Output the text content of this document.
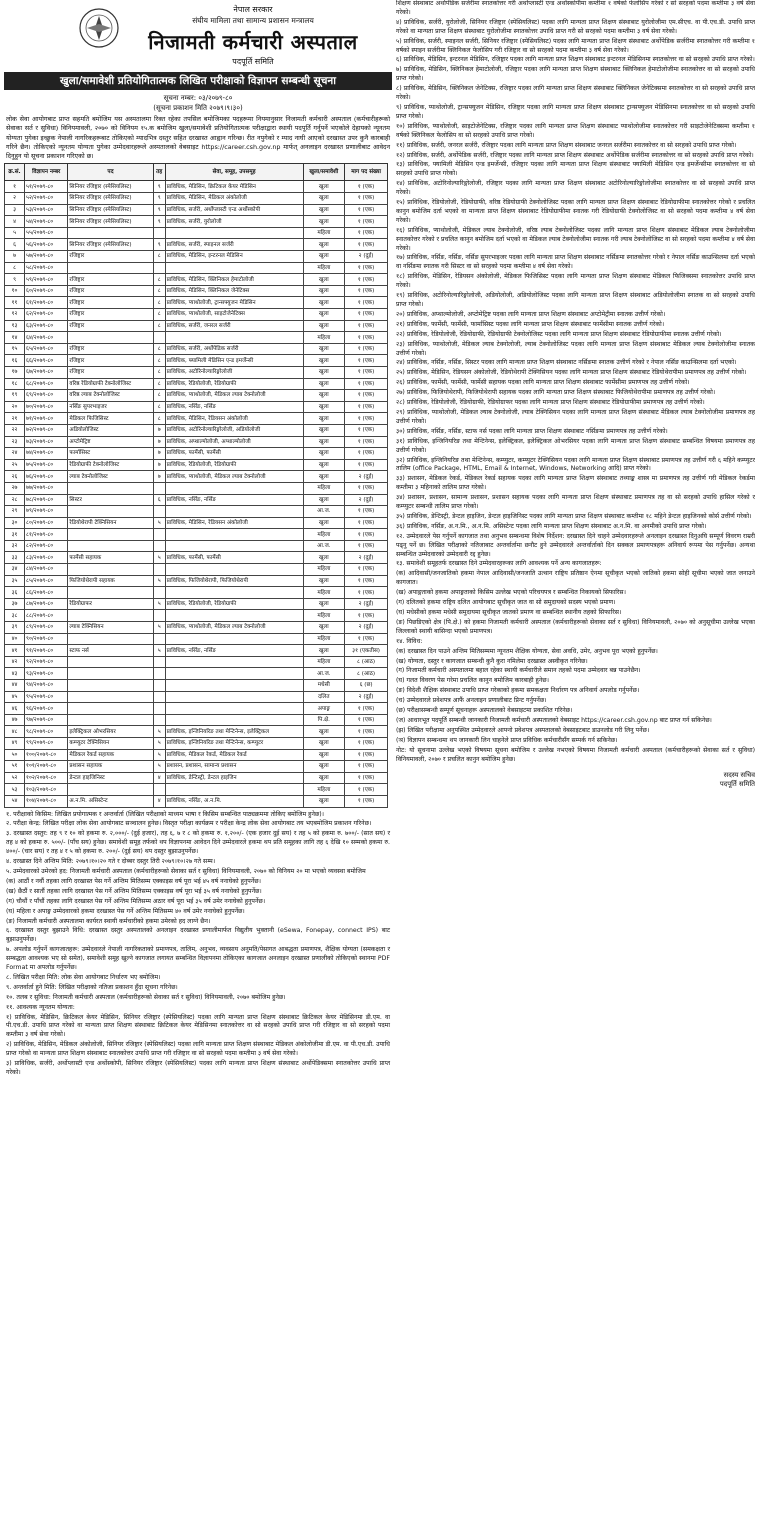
नेपाल सरकार

संघीय मामिला तथा सामान्य प्रशासन मन्त्रालय

निजामती कर्मचारी अस्पताल

पदपूर्ति समिति

खुला/समावेशी प्रतियोगितात्मक लिखित परीक्षाको विज्ञापन सम्बन्धी सूचना

सूचना नम्बर: ०३/२०७९-८०

(सूचना प्रकाशन मिति २०७९।९।३०)

लोक सेवा आयोगबाट प्राप्त सहमति बमोजिम यस अस्पतालमा रिक्त रहेका तपसिल बमोजिमका पदहरूमा नियमानुसार निजामती कर्मचारी अस्पताल (कर्मचारीहरूको सेवाका सर्त र सुविधा) विनियमावली, २०७० को विनियम १५.क बमोजिम खुला/समावेशी प्रतियोगितात्मक परीक्षाद्वारा स्थायी पदपूर्ति गर्नुपर्ने भएकोले देहायको न्यूनतम योग्यता पुगेका इच्छुक नेपाली नागरिकहरूबाट तोकिएको म्यादभित्र दस्तुर सहित दरखास्त आह्वान गरिन्छ। रीत नपुगेको र म्याद नाघी आएको दरखास्त उपर कुनै कारबाही गरिने छैन। तोकिएको न्यूनतम योग्यता पुगेका उम्मेदवारहरूले अस्पतालको वेबसाइट https://career.csh.gov.np मार्फत् अनलाइन दरखास्त प्रणालीबाट आवेदन दिनुहुन यो सूचना प्रकाशन गरिएको छ।

क्र.सं.	विज्ञापन नम्बर	पद	तह	सेवा, समूह, उपसमूह	खुला/समावेशी	माग पद संख्या
१	५१/२०७९-८०	सिनियर रजिष्ट्रार (स्पेसियलिस्ट)	९	प्राविधिक, मेडिसिन, क्रिटिकल केयर मेडिसिन	खुला	१ (एक)
२	५२/२०७९-८०	सिनियर रजिष्ट्रार (स्पेसियलिस्ट)	९	प्राविधिक, मेडिसिन, मेडिकल अंकोलोजी	खुला	१ (एक)
३	५३/२०७९-८०	सिनियर रजिष्ट्रार (स्पेसियलिस्ट)	९	प्राविधिक, सर्जरी, अर्थोप्लास्टी एन्ड अर्थोस्कोपी	खुला	१ (एक)
४	५४/२०७९-८०	सिनियर रजिष्ट्रार (स्पेसियलिस्ट)	९	प्राविधिक, सर्जरी, युरोलोजी	खुला	१ (एक)
५	५५/२०७९-८०				महिला	१ (एक)
६	५६/२०७९-८०	सिनियर रजिष्ट्रार (स्पेसियलिस्ट)	९	प्राविधिक, सर्जरी, स्पाइनल सर्जरी	खुला	१ (एक)
७	५७/२०७९-८०	रजिष्ट्रार	८	प्राविधिक, मेडिसिन, इन्टरनल मेडिसिन	खुला	२ (दुई)
८	५८/२०७९-८०				महिला	१ (एक)
९	५९/२०७९-८०	रजिष्ट्रार	८	प्राविधिक, मेडिसिन, क्लिनिकल हेमाटोलोजी	खुला	१ (एक)
१०	६०/२०७९-८०	रजिष्ट्रार	८	प्राविधिक, मेडिसिन, क्लिनिकल जेनेटिक्स	खुला	१ (एक)
११	६१/२०७९-८०	रजिष्ट्रार	८	प्राविधिक, प्याथोलोजी, ट्रान्सफ्युजन मेडिसिन	खुला	१ (एक)
१२	६२/२०७९-८०	रजिष्ट्रार	८	प्राविधिक, प्याथोलोजी, साइटोजेनेटिक्स	खुला	१ (एक)
१३	६३/२०७९-८०	रजिष्ट्रार	८	प्राविधिक, सर्जरी, जनरल सर्जरी	खुला	१ (एक)
१४	६४/२०७९-८०				महिला	१ (एक)
१५	६५/२०७९-८०	रजिष्ट्रार	८	प्राविधिक, सर्जरी, अर्थोपेडिक सर्जरी	खुला	१ (एक)
१६	६६/२०७९-८०	रजिष्ट्रार	८	प्राविधिक, फ्यामिली मेडिसिन एन्ड इमर्जेन्सी	खुला	१ (एक)
१७	६७/२०७९-८०	रजिष्ट्रार	८	प्राविधिक, अटोरिनोल्यारिङ्गोलोजी	खुला	१ (एक)
१८	६८/२०७९-८०	वरिष्ठ रेडियोग्राफी टेक्नोलोजिस्ट	८	प्राविधिक, रेडियोलोजी, रेडियोग्राफी	खुला	१ (एक)
१९	६९/२०७९-८०	वरिष्ठ ल्याब टेक्नोलोजिस्ट	८	प्राविधिक, प्याथोलोजी, मेडिकल ल्याब टेक्नोलोजी	खुला	१ (एक)
२०	७०/२०७९-८०	नर्सिङ सुपरभाइजर	८	प्राविधिक, नर्सिङ, नर्सिङ	खुला	१ (एक)
२१	७१/२०७९-८०	मेडिकल फिजिसिस्ट	८	प्राविधिक, मेडिसिन, रेडियसन अंकोलोजी	खुला	१ (एक)
२२	७२/२०७९-८०	अडियोलोजिस्ट	७	प्राविधिक, अटोरिनोल्यारिङ्गोलोजी, अडियोलोजी	खुला	१ (एक)
२३	७३/२०७९-८०	अप्टोमेट्रिष्ट	७	प्राविधिक, अप्थाल्मोलोजी, अप्थाल्मोलोजी	खुला	१ (एक)
२४	७४/२०७९-८०	फार्मासिस्ट	७	प्राविधिक, फार्मेसी, फार्मेसी	खुला	१ (एक)
२५	७५/२०७९-८०	रेडियोग्राफी टेक्नोलोजिस्ट	७	प्राविधिक, रेडियोलोजी, रेडियोग्राफी	खुला	१ (एक)
२६	७६/२०७९-८०	ल्याब टेक्नोलोजिस्ट	७	प्राविधिक, प्याथोलोजी, मेडिकल ल्याब टेक्नोलोजी	खुला	२ (दुई)
२७	७७/२०७९-८०				महिला	१ (एक)
२८	७८/२०७९-८०	सिस्टर	६	प्राविधिक, नर्सिङ, नर्सिङ	खुला	२ (दुई)
२९	७९/२०७९-८०				आ.ज.	१ (एक)
३०	८०/२०७९-८०	रेडियोथेरापी टेक्निसियन	५	प्राविधिक, मेडिसिन, रेडियसन अंकोलोजी	खुला	१ (एक)
३१	८१/२०७९-८०				महिला	१ (एक)
३२	८२/२०७९-८०				आ.ज.	१ (एक)
३३	८३/२०७९-८०	फार्मेसी सहायक	५	प्राविधिक, फार्मेसी, फार्मेसी	खुला	२ (दुई)
३४	८४/२०७९-८०				महिला	१ (एक)
३५	८५/२०७९-८०	फिजियोथेरापी सहायक	५	प्राविधिक, फिजियोथेरापी, फिजियोथेरापी	खुला	१ (एक)
३६	८६/२०७९-८०				महिला	१ (एक)
३७	८७/२०७९-८०	रेडियोग्राफर	५	प्राविधिक, रेडियोलोजी, रेडियोग्राफी	खुला	२ (दुई)
३८	८८/२०७९-८०				महिला	१ (एक)
३९	८९/२०७९-८०	ल्याब टेक्निसियन	५	प्राविधिक, प्याथोलोजी, मेडिकल ल्याब टेक्नोलोजी	खुला	२ (दुई)
४०	९०/२०७९-८०				महिला	१ (एक)
४१	९१/२०७९-८०	स्टाफ नर्स	५	प्राविधिक, नर्सिङ, नर्सिङ	खुला	३१ (एकतीस)
४२	९२/२०७९-८०				महिला	८ (आठ)
४३	९३/२०७९-८०				आ.ज.	८ (आठ)
४४	९४/२०७९-८०				मधेसी	६ (छ)
४५	९५/२०७९-८०				दलित	२ (दुई)
४६	९६/२०७९-८०				अपाङ्ग	१ (एक)
४७	९७/२०७९-८०				पि.क्षे.	१ (एक)
४८	९८/२०७९-८०	इलेक्ट्रिकल ओभरसियर	५	प्राविधिक, इन्जिनियरिङ तथा मेन्टिनेन्स, इलेक्ट्रिकल	खुला	१ (एक)
४९	९९/२०७९-८०	कम्प्युटर टेक्निसियन	५	प्राविधिक, इन्जिनियरिङ तथा मेन्टिनेन्स, कम्प्युटर	खुला	१ (एक)
५०	१००/२०७९-८०	मेडिकल रेकर्ड सहायक	५	प्राविधिक, मेडिकल रेकर्ड, मेडिकल रेकर्ड	खुला	१ (एक)
५१	१०१/२०७९-८०	प्रशासन सहायक	५	प्रशासन, प्रशासन, सामान्य प्रशासन	खुला	१ (एक)
५२	१०२/२०७९-८०	डेन्टल हाइजिनिस्ट	४	प्राविधिक, डेन्टिस्ट्री, डेन्टल हाइजिन	खुला	१ (एक)
५३	१०३/२०७९-८०				महिला	१ (एक)
५४	१०४/२०७९-८०	अ.न.मि. असिस्टेन्ट	४	प्राविधिक, नर्सिङ, अ.न.मि.	खुला	१ (एक)

१. परीक्षाको किसिम: लिखित प्रयोगात्मक र अन्तर्वार्ता (लिखित परीक्षाको माध्यम भाषा र किसिम सम्बन्धित पाठ्यक्रममा तोकिए बमोजिम हुनेछ)।

२. परीक्षा केन्द्र: लिखित परीक्षा लोक सेवा आयोगबाट सञ्चालन हुनेछ। विस्तृत परीक्षा कार्यक्रम र परीक्षा केन्द्र लोक सेवा आयोगबाट तय भएबमोजिम प्रकाशन गरिनेछ।

३. दरखास्त दस्तुर: तह ९ र १० को हकमा रु. २,०००/- (दुई हजार), तह ६, ७ र ८ को हकमा रु. १,२००/- (एक हजार दुई सय) र तह ५ को हकमा रु. ७००/- (सात सय) र तह ४ को हकमा रु. ५००/- (पाँच सय) हुनेछ। समावेशी समूह तर्फको थप विज्ञापनमा आवेदन दिने उम्मेदवारले हकमा थप प्रति समूहका लागि तह ६ देखि १० सम्मको हकमा रु. ४००/- (चार सय) र तह ४ र ५ को हकमा रु. २००/- (दुई सय) थप दस्तुर बुझाउनुपर्नेछ।

४. दरखास्त दिने अन्तिम मिति: २०७९।१०।२० गते र दोब्बर दस्तुर तिरी २०७९।१०।२७ गते सम्म।

५. उम्मेदवारको उमेरको हद: निजामती कर्मचारी अस्पताल (कर्मचारीहरूको सेवाका सर्त र सुविधा) विनियमावली, २०७० को विनियम २० मा भएको व्यवस्था बमोजिम

(क) आठौं र नवौं तहका लागि दरखास्त पेस गर्ने अन्तिम मितिसम्म एक्काइस वर्ष पूरा भई ४५ वर्ष ननाघेको हुनुपर्नेछ।

(ख) छैठौं र सातौं तहका लागि दरखास्त पेस गर्ने अन्तिम मितिसम्म एक्काइस वर्ष पूरा भई ३५ वर्ष ननाघेको हुनुपर्नेछ।

(ग) चौथौं र पाँचौं तहका लागि दरखास्त पेस गर्ने अन्तिम मितिसम्म अठार वर्ष पूरा भई ३५ वर्ष उमेर ननाघेको हुनुपर्नेछ।

(घ) महिला र अपाङ्ग उम्मेदवारको हकमा दरखास्त पेस गर्ने अन्तिम मितिसम्म ४० वर्ष उमेर ननाघेको हुनुपर्नेछ।

(ङ) निजामती कर्मचारी अस्पतालमा कार्यरत स्थायी कर्मचारीको हकमा उमेरको हद लाग्ने छैन।

६. दरखास्त दस्तुर बुझाउने विधि: दरखास्त दस्तुर अस्पतालको अनलाइन दरखास्त प्रणालीमार्फत विद्युतीय भुक्तानी (eSewa, Fonepay, connect IPS) बाट बुझाउनुपर्नेछ।

७. अपलोड गर्नुपर्ने कागजातहरू: उम्मेदवारले नेपाली नागरिकताको प्रमाणपत्र, तालिम, अनुभव, व्यवसाय अनुमति/पेसागत आबद्धता प्रमाणपत्र, शैक्षिक योग्यता (समकक्षता र सम्बद्धता आवश्यक भए सो समेत), समावेशी समूह खुल्ने कागजात लगायत सम्बन्धित विज्ञापनमा तोकिएका कागजात अनलाइन दरखास्त प्रणालीको तोकिएको स्थानमा PDF Format मा अपलोड गर्नुपर्नेछ।

८. लिखित परीक्षा मिति: लोक सेवा आयोगबाट निर्धारण भए बमोजिम।

९. अन्तर्वार्ता हुने मिति: लिखित परीक्षाको नतिजा प्रकाशन हुँदा सूचना गरिनेछ।

१०. तलब र सुविधा: निजामती कर्मचारी अस्पताल (कर्मचारीहरूको सेवाका सर्त र सुविधा) विनियमावली, २०७० बमोजिम हुनेछ।

११. आवश्यक न्यूनतम योग्यता:

१) प्राविधिक, मेडिसिन, क्रिटिकल केयर मेडिसिन, सिनियर रजिष्ट्रार (स्पेसियलिस्ट) पदका लागि मान्यता प्राप्त शिक्षण संस्थाबाट क्रिटिकल केयर मेडिसिनमा डी.एम. वा पी.एच.डी. उपाधि प्राप्त गरेको वा मान्यता प्राप्त शिक्षण संस्थाबाट क्रिटिकल केयर मेडिसिनमा स्नातकोत्तर वा सो सरहको उपाधि प्राप्त गरी रजिष्ट्रार वा सो सरहको पदमा कम्तीमा ३ वर्ष सेवा गरेको।

२) प्राविधिक, मेडिसिन, मेडिकल अंकोलोजी, सिनियर रजिष्ट्रार (स्पेसियलिस्ट) पदका लागि मान्यता प्राप्त शिक्षण संस्थाबाट मेडिकल अंकोलोजीमा डी.एम. वा पी.एच.डी. उपाधि प्राप्त गरेको वा मान्यता प्राप्त शिक्षण संस्थाबाट स्नातकोत्तर उपाधि प्राप्त गरी रजिष्ट्रार वा सो सरहको पदमा कम्तीमा ३ वर्ष सेवा गरेको।

३) प्राविधिक, सर्जरी, अर्थोप्लास्टी एन्ड अर्थोस्कोपी, सिनियर रजिष्ट्रार (स्पेसियलिस्ट) पदका लागि मान्यता प्राप्त शिक्षण संस्थाबाट अर्थोपेडिक्समा स्नातकोत्तर उपाधि प्राप्त गरेको।

शिक्षण संस्थाबाट अर्थोपेडिक सर्जरीमा स्नातकोत्तर गरी अर्थोप्लास्टी एन्ड अर्थोस्कोपीमा कम्तीमा १ वर्षको फेलोसिप गरेको र सो सरहको पदमा कम्तीमा ३ वर्ष सेवा गरेको।

४) प्राविधिक, सर्जरी, युरोलोजी, सिनियर रजिष्ट्रार (स्पेसियलिस्ट) पदका लागि मान्यता प्राप्त शिक्षण संस्थाबाट युरोलोजीमा एम.सीएच. वा पी.एच.डी. उपाधि प्राप्त गरेको वा मान्यता प्राप्त शिक्षण संस्थाबाट युरोलोजीमा स्नातकोत्तर उपाधि प्राप्त गरी सो सरहको पदमा कम्तीमा ३ वर्ष सेवा गरेको।

५) प्राविधिक, सर्जरी, स्पाइनल सर्जरी, सिनियर रजिष्ट्रार (स्पेसियलिस्ट) पदका लागि मान्यता प्राप्त शिक्षण संस्थाबाट अर्थोपेडिक सर्जरीमा स्नातकोत्तर गरी कम्तीमा १ वर्षको स्पाइन सर्जरीमा क्लिनिकल फेलोसिप गरी रजिष्ट्रार वा सो सरहको पदमा कम्तीमा ३ वर्ष सेवा गरेको।

६) प्राविधिक, मेडिसिन, इन्टरनल मेडिसिन, रजिष्ट्रार पदका लागि मान्यता प्राप्त शिक्षण संस्थाबाट इन्टरनल मेडिसिनमा स्नातकोत्तर वा सो सरहको उपाधि प्राप्त गरेको।

७) प्राविधिक, मेडिसिन, क्लिनिकल हेमाटोलोजी, रजिष्ट्रार पदका लागि मान्यता प्राप्त शिक्षण संस्थाबाट क्लिनिकल हेमाटोलोजीमा स्नातकोत्तर वा सो सरहको उपाधि प्राप्त गरेको।

८) प्राविधिक, मेडिसिन, क्लिनिकल जेनेटिक्स, रजिष्ट्रार पदका लागि मान्यता प्राप्त शिक्षण संस्थाबाट क्लिनिकल जेनेटिक्समा स्नातकोत्तर वा सो सरहको उपाधि प्राप्त गरेको।

९) प्राविधिक, प्याथोलोजी, ट्रान्सफ्युजन मेडिसिन, रजिष्ट्रार पदका लागि मान्यता प्राप्त शिक्षण संस्थाबाट ट्रान्सफ्युजन मेडिसिनमा स्नातकोत्तर वा सो सरहको उपाधि प्राप्त गरेको।

१०) प्राविधिक, प्याथोलोजी, साइटोजेनेटिक्स, रजिष्ट्रार पदका लागि मान्यता प्राप्त शिक्षण संस्थाबाट प्याथोलोजीमा स्नातकोत्तर गरी साइटोजेनेटिक्समा कम्तीमा १ वर्षको क्लिनिकल फेलोसिप वा सो सरहको उपाधि प्राप्त गरेको।

११) प्राविधिक, सर्जरी, जनरल सर्जरी, रजिष्ट्रार पदका लागि मान्यता प्राप्त शिक्षण संस्थाबाट जनरल सर्जरीमा स्नातकोत्तर वा सो सरहको उपाधि प्राप्त गरेको।

१२) प्राविधिक, सर्जरी, अर्थोपेडिक सर्जरी, रजिष्ट्रार पदका लागि मान्यता प्राप्त शिक्षण संस्थाबाट अर्थोपेडिक सर्जरीमा स्नातकोत्तर वा सो सरहको उपाधि प्राप्त गरेको।

१३) प्राविधिक, फ्यामिली मेडिसिन एन्ड इमर्जेन्सी, रजिष्ट्रार पदका लागि मान्यता प्राप्त शिक्षण संस्थाबाट फ्यामिली मेडिसिन एन्ड इमर्जेन्सीमा स्नातकोत्तर वा सो सरहको उपाधि प्राप्त गरेको।

१४) प्राविधिक, अटोरिनोल्यारिङ्गोलोजी, रजिष्ट्रार पदका लागि मान्यता प्राप्त शिक्षण संस्थाबाट अटोरिनोल्यारिङ्गोलोजीमा स्नातकोत्तर वा सो सरहको उपाधि प्राप्त गरेको।

१५) प्राविधिक, रेडियोलोजी, रेडियोग्राफी, वरिष्ठ रेडियोग्राफी टेक्नोलोजिस्ट पदका लागि मान्यता प्राप्त शिक्षण संस्थाबाट रेडियोग्राफीमा स्नातकोत्तर गरेको र प्रचलित कानुन बमोजिम दर्ता भएको वा मान्यता प्राप्त शिक्षण संस्थाबाट रेडियोग्राफीमा स्नातक गरी रेडियोग्राफी टेक्नोलोजिस्ट वा सो सरहको पदमा कम्तीमा ४ वर्ष सेवा गरेको।

१६) प्राविधिक, प्याथोलोजी, मेडिकल ल्याब टेक्नोलोजी, वरिष्ठ ल्याब टेक्नोलोजिस्ट पदका लागि मान्यता प्राप्त शिक्षण संस्थाबाट मेडिकल ल्याब टेक्नोलोजीमा स्नातकोत्तर गरेको र प्रचलित कानुन बमोजिम दर्ता भएको वा मेडिकल ल्याब टेक्नोलोजीमा स्नातक गरी ल्याब टेक्नोलोजिस्ट वा सो सरहको पदमा कम्तीमा ४ वर्ष सेवा गरेको।

१७) प्राविधिक, नर्सिङ, नर्सिङ, नर्सिङ सुपरभाइजर पदका लागि मान्यता प्राप्त शिक्षण संस्थाबाट नर्सिङमा स्नातकोत्तर गरेको र नेपाल नर्सिङ काउन्सिलमा दर्ता भएको वा नर्सिङमा स्नातक गरी सिस्टर वा सो सरहको पदमा कम्तीमा ४ वर्ष सेवा गरेको।

१८) प्राविधिक, मेडिसिन, रेडियसन अंकोलोजी, मेडिकल फिजिसिस्ट पदका लागि मान्यता प्राप्त शिक्षण संस्थाबाट मेडिकल फिजिक्समा स्नातकोत्तर उपाधि प्राप्त गरेको।

१९) प्राविधिक, अटोरिनोल्यारिङ्गोलोजी, अडियोलोजी, अडियोलोजिस्ट पदका लागि मान्यता प्राप्त शिक्षण संस्थाबाट अडियोलोजीमा स्नातक वा सो सरहको उपाधि प्राप्त गरेको।

२०) प्राविधिक, अप्थाल्मोलोजी, अप्टोमेट्रिष्ट पदका लागि मान्यता प्राप्त शिक्षण संस्थाबाट अप्टोमेट्रीमा स्नातक उत्तीर्ण गरेको।

२१) प्राविधिक, फार्मेसी, फार्मेसी, फार्मासिस्ट पदका लागि मान्यता प्राप्त शिक्षण संस्थाबाट फार्मेसीमा स्नातक उत्तीर्ण गरेको।

२२) प्राविधिक, रेडियोलोजी, रेडियोग्राफी, रेडियोग्राफी टेक्नोलोजिस्ट पदका लागि मान्यता प्राप्त शिक्षण संस्थाबाट रेडियोग्राफीमा स्नातक उत्तीर्ण गरेको।

२३) प्राविधिक, प्याथोलोजी, मेडिकल ल्याब टेक्नोलोजी, ल्याब टेक्नोलोजिस्ट पदका लागि मान्यता प्राप्त शिक्षण संस्थाबाट मेडिकल ल्याब टेक्नोलोजीमा स्नातक उत्तीर्ण गरेको।

२४) प्राविधिक, नर्सिङ, नर्सिङ, सिस्टर पदका लागि मान्यता प्राप्त शिक्षण संस्थाबाट नर्सिङमा स्नातक उत्तीर्ण गरेको र नेपाल नर्सिङ काउन्सिलमा दर्ता भएको।

२५) प्राविधिक, मेडिसिन, रेडियसन अंकोलोजी, रेडियोथेरापी टेक्निसियन पदका लागि मान्यता प्राप्त शिक्षण संस्थाबाट रेडियोथेरापीमा प्रमाणपत्र तह उत्तीर्ण गरेको।

२६) प्राविधिक, फार्मेसी, फार्मेसी, फार्मेसी सहायक पदका लागि मान्यता प्राप्त शिक्षण संस्थाबाट फार्मेसीमा प्रमाणपत्र तह उत्तीर्ण गरेको।

२७) प्राविधिक, फिजियोथेरापी, फिजियोथेरापी सहायक पदका लागि मान्यता प्राप्त शिक्षण संस्थाबाट फिजियोथेरापीमा प्रमाणपत्र तह उत्तीर्ण गरेको।

२८) प्राविधिक, रेडियोलोजी, रेडियोग्राफी, रेडियोग्राफर पदका लागि मान्यता प्राप्त शिक्षण संस्थाबाट रेडियोग्राफीमा प्रमाणपत्र तह उत्तीर्ण गरेको।

२९) प्राविधिक, प्याथोलोजी, मेडिकल ल्याब टेक्नोलोजी, ल्याब टेक्निसियन पदका लागि मान्यता प्राप्त शिक्षण संस्थाबाट मेडिकल ल्याब टेक्नोलोजीमा प्रमाणपत्र तह उत्तीर्ण गरेको।

३०) प्राविधिक, नर्सिङ, नर्सिङ, स्टाफ नर्स पदका लागि मान्यता प्राप्त शिक्षण संस्थाबाट नर्सिङमा प्रमाणपत्र तह उत्तीर्ण गरेको।

३१) प्राविधिक, इन्जिनियरिङ तथा मेन्टिनेन्स, इलेक्ट्रिकल, इलेक्ट्रिकल ओभरसियर पदका लागि मान्यता प्राप्त शिक्षण संस्थाबाट सम्बन्धित विषयमा प्रमाणपत्र तह उत्तीर्ण गरेको।

३२) प्राविधिक, इन्जिनियरिङ तथा मेन्टिनेन्स, कम्प्युटर, कम्प्युटर टेक्निसियन पदका लागि मान्यता प्राप्त शिक्षण संस्थाबाट प्रमाणपत्र तह उत्तीर्ण गरी ६ महिने कम्प्युटर तालिम (office Package, HTML, Email & Internet, Windows, Networking आदि) प्राप्त गरेको।

३३) प्रशासन, मेडिकल रेकर्ड, मेडिकल रेकर्ड सहायक पदका लागि मान्यता प्राप्त शिक्षण संस्थाबाट तथ्याङ्क शास्त्र मा प्रमाणपत्र तह उत्तीर्ण गरी मेडिकल रेकर्डमा कम्तीमा ३ महिनाको तालिम प्राप्त गरेको।

३४) प्रशासन, प्रशासन, सामान्य प्रशासन, प्रशासन सहायक पदका लागि मान्यता प्राप्त शिक्षण संस्थाबाट प्रमाणपत्र तह वा सो सरहको उपाधि हासिल गरेको र कम्प्युटर सम्बन्धी तालिम प्राप्त गरेको।

३५) प्राविधिक, डेन्टिस्ट्री, डेन्टल हाइजिन, डेन्टल हाइजिनिस्ट पदका लागि मान्यता प्राप्त शिक्षण संस्थाबाट कम्तीमा १८ महिने डेन्टल हाइजिनको कोर्स उत्तीर्ण गरेको।

३६) प्राविधिक, नर्सिङ, अ.न.मि., अ.न.मि. असिस्टेन्ट पदका लागि मान्यता प्राप्त शिक्षण संस्थाबाट अ.न.मि. वा अनमीको उपाधि प्राप्त गरेको।

१२. उम्मेदवारले पेस गर्नुपर्ने कागजात तथा अनुभव सम्बन्धमा विशेष निर्देशन: दरखास्त दिने चाहने उम्मेदवारहरूले अनलाइन दरखास्त दिनुअघि सम्पूर्ण विवरण राम्ररी पढ्नु पर्ने छ। लिखित परीक्षाको नतिजाबाट अन्तर्वार्तामा छनौट हुने उम्मेदवारले अन्तर्वार्ताको दिन सक्कल प्रमाणपत्रहरू अनिवार्य रूपमा पेस गर्नुपर्नेछ। अन्यथा सम्बन्धित उम्मेदवारको उम्मेदवारी रद्द हुनेछ।

१३. समावेशी समूहतर्फ दरखास्त दिने उम्मेदवारहरूका लागि आवश्यक पर्ने अन्य कागजातहरू:

(क) आदिवासी/जनजातिको हकमा नेपाल आदिवासी/जनजाति उत्थान राष्ट्रिय प्रतिष्ठान ऐनमा सूचीकृत भएको जातिको हकमा सोही सूचीमा भएको जात जनाउने कागजात।

(ख) अपाङ्गताको हकमा अपाङ्गताको किसिम उल्लेख भएको परिचयपत्र र सम्बन्धित निकायको सिफारिस।

(ग) दलितको हकमा राष्ट्रिय दलित आयोगबाट सूचीकृत जात वा सो समुदायको सदस्य भएको प्रमाण।

(घ) मधेसीको हकमा मधेसी समुदायमा सूचीकृत जातको प्रमाण वा सम्बन्धित स्थानीय तहको सिफारिस।

(ङ) पिछडिएको क्षेत्र (पि.क्षे.) को हकमा निजामती कर्मचारी अस्पताल (कर्मचारीहरूको सेवाका सर्त र सुविधा) विनियमावली, २०७० को अनुसूचीमा उल्लेख भएका जिल्लाको स्थायी बासिन्दा भएको प्रमाणपत्र।

१४. विविध:

(क) दरखास्त दिन पाउने अन्तिम मितिसम्ममा न्यूनतम शैक्षिक योग्यता, सेवा अवधि, उमेर, अनुभव पूरा भएको हुनुपर्नेछ।

(ख) योग्यता, दस्तुर र कागजात सम्बन्धी कुनै कुरा नमिलेमा दरखास्त अस्वीकृत गरिनेछ।

(ग) निजामती कर्मचारी अस्पतालमा बहाल रहेका स्थायी कर्मचारीले समान तहको पदमा उम्मेदवार बन्न पाउनेछैन।

(घ) गलत विवरण पेस गरेमा प्रचलित कानुन बमोजिम कारबाही हुनेछ।

(ङ) विदेशी शैक्षिक संस्थाबाट उपाधि प्राप्त गरेकाको हकमा समकक्षता निर्धारण पत्र अनिवार्य अपलोड गर्नुपर्नेछ।

(च) उम्मेदवारले प्रवेशपत्र आफैं अनलाइन प्रणालीबाट प्रिन्ट गर्नुपर्नेछ।

(छ) परीक्षासम्बन्धी सम्पूर्ण सूचनाहरू अस्पतालको वेबसाइटमा प्रकाशित गरिनेछ।

(ज) आधारभूत पदपूर्ति सम्बन्धी जानकारी निजामती कर्मचारी अस्पतालको वेबसाइट https://career.csh.gov.np बाट प्राप्त गर्न सकिनेछ।

(झ) लिखित परीक्षामा अनुपस्थित उम्मेदवारले आफ्नो प्रवेशपत्र अस्पतालको वेबसाइटबाट डाउनलोड गरी लिनु पर्नेछ।

(ञ) विज्ञापन सम्बन्धमा थप जानकारी लिन चाहनेले प्राप्त प्रविधिक कर्मचारीसँग सम्पर्क गर्न सकिनेछ।

नोट: यो सूचनामा उल्लेख भएको विषयमा सूचना बमोजिम र उल्लेख नभएको विषयमा निजामती कर्मचारी अस्पताल (कर्मचारीहरूको सेवाका सर्त र सुविधा) विनियमावली, २०७० र प्रचलित कानुन बमोजिम हुनेछ।

सदस्य सचिव
पदपूर्ति समिति
